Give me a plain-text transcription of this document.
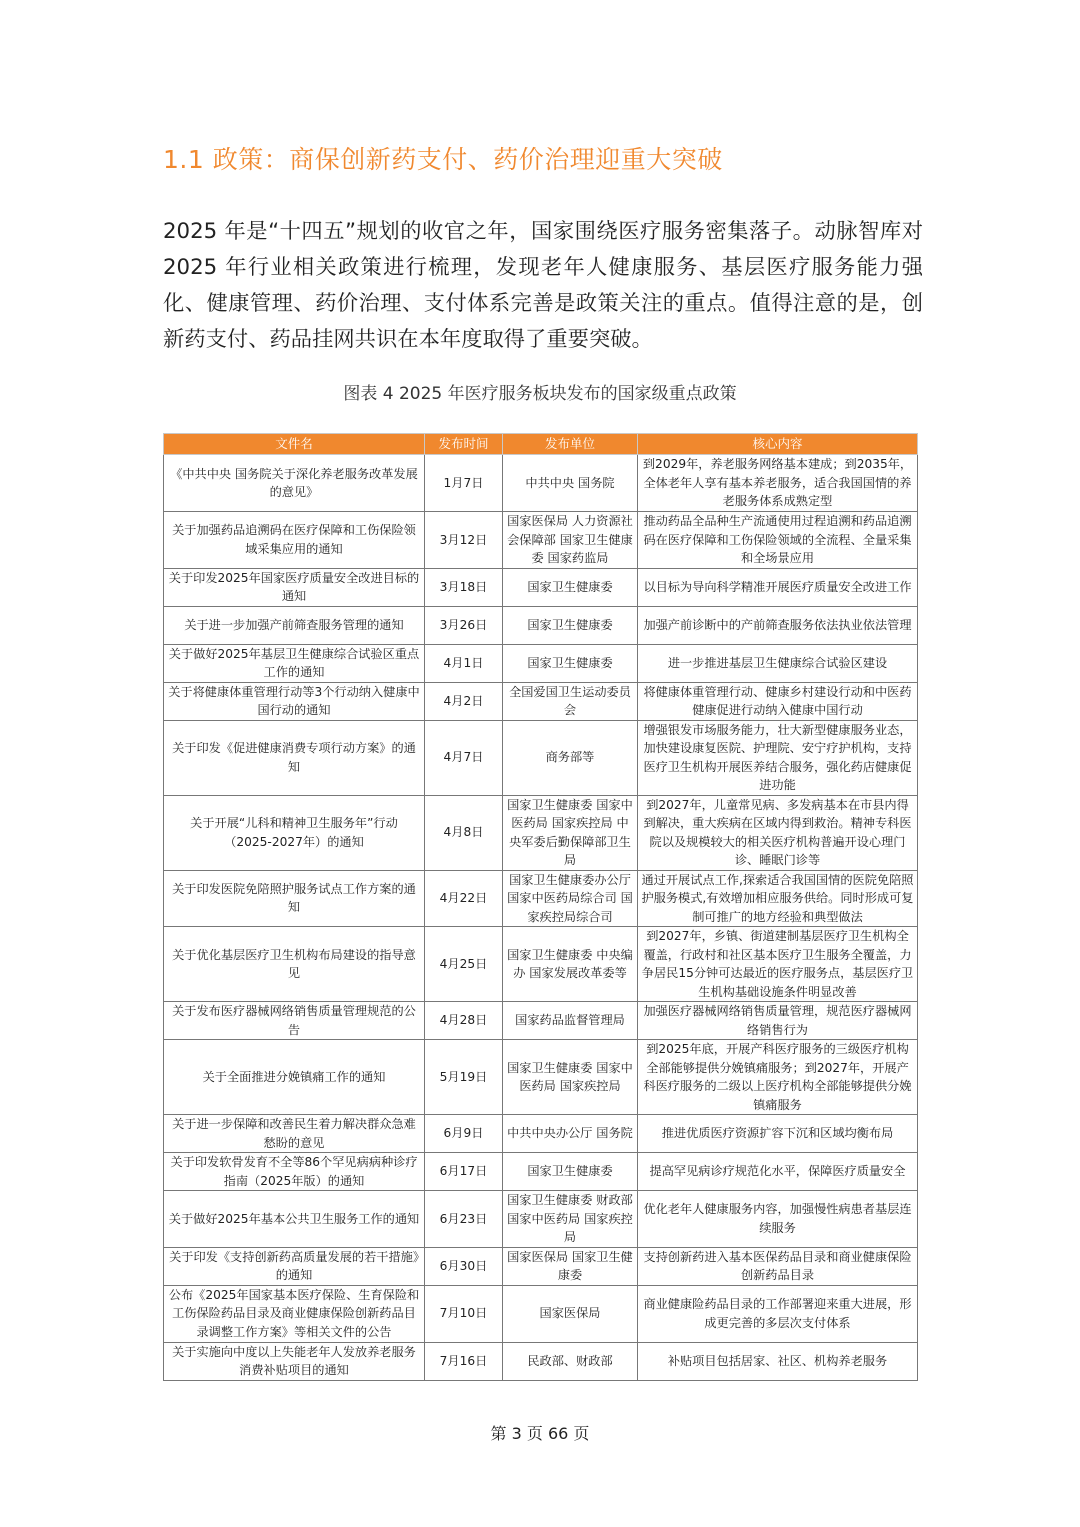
1.1 政策：商保创新药支付、药价治理迎重大突破

2025 年是“十四五”规划的收官之年，国家围绕医疗服务密集落子。动脉智库对 2025 年行业相关政策进行梳理，发现老年人健康服务、基层医疗服务能力强化、健康管理、药价治理、支付体系完善是政策关注的重点。值得注意的是，创新药支付、药品挂网共识在本年度取得了重要突破。

图表 4 2025 年医疗服务板块发布的国家级重点政策
文件名	发布时间	发布单位	核心内容
《中共中央 国务院关于深化养老服务改革发展的意见》	1月7日	中共中央 国务院	到2029年，养老服务网络基本建成；到2035年，全体老年人享有基本养老服务，适合我国国情的养老服务体系成熟定型
关于加强药品追溯码在医疗保障和工伤保险领域采集应用的通知	3月12日	国家医保局 人力资源社会保障部 国家卫生健康委 国家药监局	推动药品全品种生产流通使用过程追溯和药品追溯码在医疗保障和工伤保险领域的全流程、全量采集和全场景应用
关于印发2025年国家医疗质量安全改进目标的通知	3月18日	国家卫生健康委	以目标为导向科学精准开展医疗质量安全改进工作
关于进一步加强产前筛查服务管理的通知	3月26日	国家卫生健康委	加强产前诊断中的产前筛查服务依法执业依法管理
关于做好2025年基层卫生健康综合试验区重点工作的通知	4月1日	国家卫生健康委	进一步推进基层卫生健康综合试验区建设
关于将健康体重管理行动等3个行动纳入健康中国行动的通知	4月2日	全国爱国卫生运动委员会	将健康体重管理行动、健康乡村建设行动和中医药健康促进行动纳入健康中国行动
关于印发《促进健康消费专项行动方案》的通知	4月7日	商务部等	增强银发市场服务能力，壮大新型健康服务业态，加快建设康复医院、护理院、安宁疗护机构，支持医疗卫生机构开展医养结合服务，强化药店健康促进功能
关于开展“儿科和精神卫生服务年”行动（2025-2027年）的通知	4月8日	国家卫生健康委 国家中医药局 国家疾控局 中央军委后勤保障部卫生局	到2027年，儿童常见病、多发病基本在市县内得到解决，重大疾病在区域内得到救治。精神专科医院以及规模较大的相关医疗机构普遍开设心理门诊、睡眠门诊等
关于印发医院免陪照护服务试点工作方案的通知	4月22日	国家卫生健康委办公厅 国家中医药局综合司 国家疾控局综合司	通过开展试点工作,探索适合我国国情的医院免陪照护服务模式,有效增加相应服务供给。同时形成可复制可推广的地方经验和典型做法
关于优化基层医疗卫生机构布局建设的指导意见	4月25日	国家卫生健康委 中央编办 国家发展改革委等	到2027年，乡镇、街道建制基层医疗卫生机构全覆盖，行政村和社区基本医疗卫生服务全覆盖，力争居民15分钟可达最近的医疗服务点，基层医疗卫生机构基础设施条件明显改善
关于发布医疗器械网络销售质量管理规范的公告	4月28日	国家药品监督管理局	加强医疗器械网络销售质量管理，规范医疗器械网络销售行为
关于全面推进分娩镇痛工作的通知	5月19日	国家卫生健康委 国家中医药局 国家疾控局	到2025年底，开展产科医疗服务的三级医疗机构全部能够提供分娩镇痛服务；到2027年，开展产科医疗服务的二级以上医疗机构全部能够提供分娩镇痛服务
关于进一步保障和改善民生着力解决群众急难愁盼的意见	6月9日	中共中央办公厅 国务院	推进优质医疗资源扩容下沉和区域均衡布局
关于印发软骨发育不全等86个罕见病病种诊疗指南（2025年版）的通知	6月17日	国家卫生健康委	提高罕见病诊疗规范化水平，保障医疗质量安全
关于做好2025年基本公共卫生服务工作的通知	6月23日	国家卫生健康委 财政部 国家中医药局 国家疾控局	优化老年人健康服务内容，加强慢性病患者基层连续服务
关于印发《支持创新药高质量发展的若干措施》的通知	6月30日	国家医保局 国家卫生健康委	支持创新药进入基本医保药品目录和商业健康保险创新药品目录
公布《2025年国家基本医疗保险、生育保险和工伤保险药品目录及商业健康保险创新药品目录调整工作方案》等相关文件的公告	7月10日	国家医保局	商业健康险药品目录的工作部署迎来重大进展，形成更完善的多层次支付体系
关于实施向中度以上失能老年人发放养老服务消费补贴项目的通知	7月16日	民政部、财政部	补贴项目包括居家、社区、机构养老服务
第 3 页 66 页
